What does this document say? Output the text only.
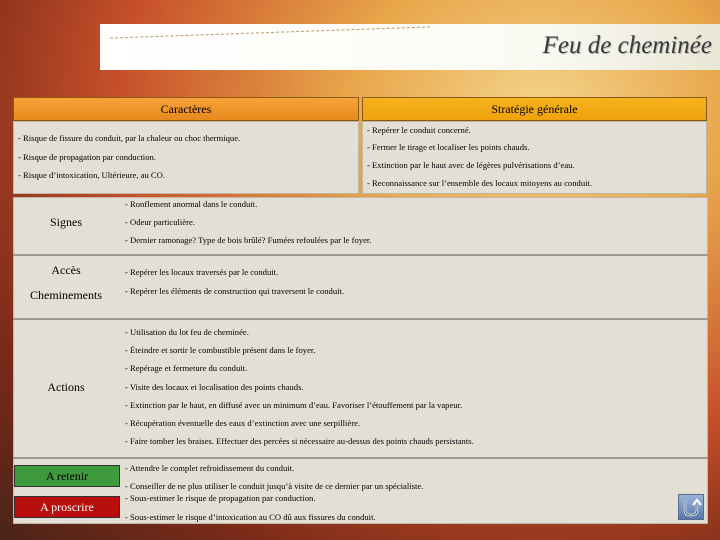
Feu de cheminée
Caractères	Stratégie générale
- Risque de fissure du conduit, par la chaleur ou choc thermique.
- Risque de propagation par conduction.
- Risque d’intoxication, Ultérieure, au CO.
- Repérer le conduit concerné.
- Fermer le tirage et localiser les points chauds.
- Extinction par le haut avec de légères pulvérisations d’eau.
- Reconnaissance sur l’ensemble des locaux mitoyens au conduit.
Signes
- Ronflement anormal dans le conduit.
- Odeur particulière.
- Dernier ramonage? Type de bois brûlé? Fumées refoulées par le foyer.
Accès
Cheminements
- Repérer les locaux traversés par le conduit.
- Repérer les éléments de construction qui traversent le conduit.
Actions
- Utilisation du lot feu de cheminée.
- Éteindre et sortir le combustible présent dans le foyer.
- Repérage et fermeture du conduit.
- Visite des locaux et localisation des points chauds.
- Extinction par le haut, en diffusé avec un minimum d’eau. Favoriser l’étouffement par la vapeur.
- Récupération éventuelle des eaux d’extinction avec une serpillière.
- Faire tomber les braises. Effectuer des percées si nécessaire au-dessus des points chauds persistants.
A retenir
- Attendre le complet refroidissement du conduit.
- Conseiller de ne plus utiliser le conduit jusqu’à visite de ce dernier par un spécialiste.
A proscrire
- Sous-estimer le risque de propagation par conduction.
- Sous-estimer le risque d’intoxication au CO dû aux fissures du conduit.
